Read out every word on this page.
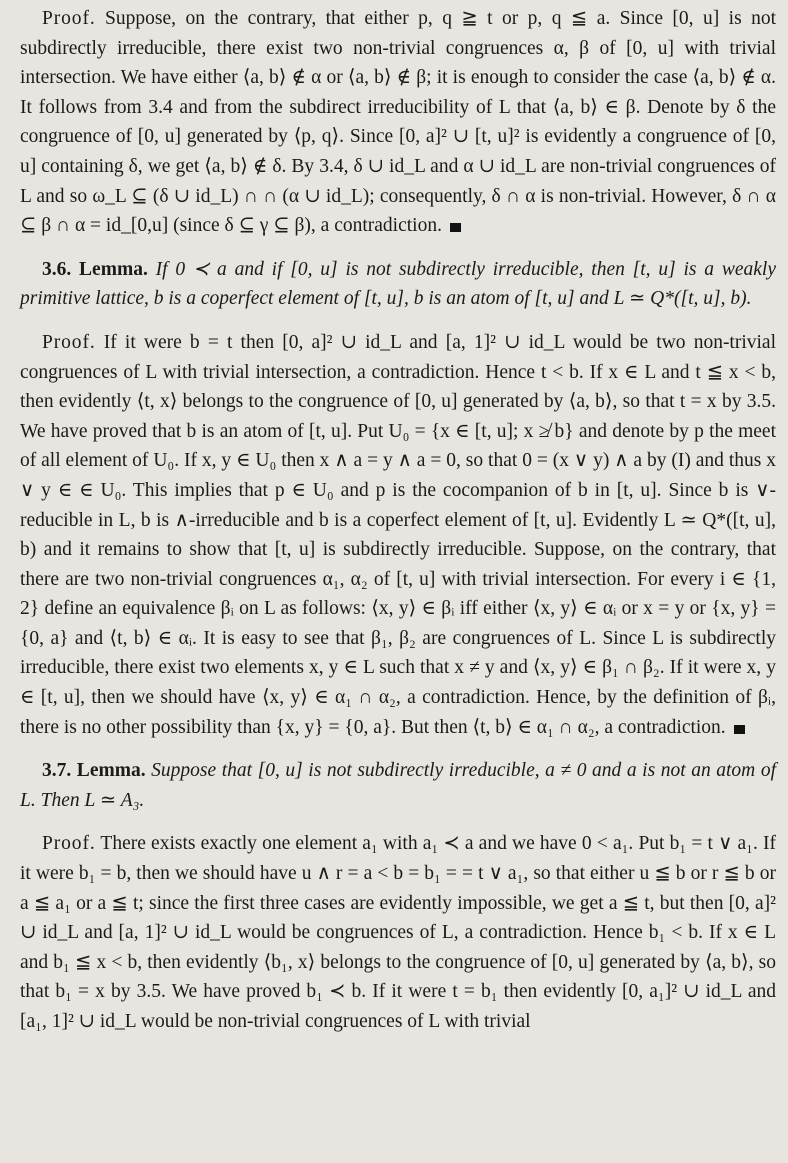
Proof. Suppose, on the contrary, that either p, q ≧ t or p, q ≦ a. Since [0, u] is not subdirectly irreducible, there exist two non-trivial congruences α, β of [0, u] with trivial intersection. We have either ⟨a, b⟩ ∉ α or ⟨a, b⟩ ∉ β; it is enough to consider the case ⟨a, b⟩ ∉ α. It follows from 3.4 and from the subdirect irreducibility of L that ⟨a, b⟩ ∈ β. Denote by δ the congruence of [0, u] generated by ⟨p, q⟩. Since [0, a]² ∪ [t, u]² is evidently a congruence of [0, u] containing δ, we get ⟨a, b⟩ ∉ δ. By 3.4, δ ∪ id_L and α ∪ id_L are non-trivial congruences of L and so ω_L ⊆ (δ ∪ id_L) ∩ ∩ (α ∪ id_L); consequently, δ ∩ α is non-trivial. However, δ ∩ α ⊆ β ∩ α = id_[0,u] (since δ ⊆ γ ⊆ β), a contradiction.

3.6. Lemma. If 0 ≺ a and if [0, u] is not subdirectly irreducible, then [t, u] is a weakly primitive lattice, b is a coperfect element of [t, u], b is an atom of [t, u] and L ≃ Q*([t, u], b).

Proof. If it were b = t then [0, a]² ∪ id_L and [a, 1]² ∪ id_L would be two non-trivial congruences of L with trivial intersection, a contradiction. Hence t < b. If x ∈ L and t ≦ x < b, then evidently ⟨t, x⟩ belongs to the congruence of [0, u] generated by ⟨a, b⟩, so that t = x by 3.5. We have proved that b is an atom of [t, u]. Put U₀ = {x ∈ [t, u]; x ≱ b} and denote by p the meet of all element of U₀. If x, y ∈ U₀ then x ∧ a = y ∧ a = 0, so that 0 = (x ∨ y) ∧ a by (I) and thus x ∨ y ∈ ∈ U₀. This implies that p ∈ U₀ and p is the cocompanion of b in [t, u]. Since b is ∨-reducible in L, b is ∧-irreducible and b is a coperfect element of [t, u]. Evidently L ≃ Q*([t, u], b) and it remains to show that [t, u] is subdirectly irreducible. Suppose, on the contrary, that there are two non-trivial congruences α₁, α₂ of [t, u] with trivial intersection. For every i ∈ {1, 2} define an equivalence βᵢ on L as follows: ⟨x, y⟩ ∈ βᵢ iff either ⟨x, y⟩ ∈ αᵢ or x = y or {x, y} = {0, a} and ⟨t, b⟩ ∈ αᵢ. It is easy to see that β₁, β₂ are congruences of L. Since L is subdirectly irreducible, there exist two elements x, y ∈ L such that x ≠ y and ⟨x, y⟩ ∈ β₁ ∩ β₂. If it were x, y ∈ [t, u], then we should have ⟨x, y⟩ ∈ α₁ ∩ α₂, a contradiction. Hence, by the definition of βᵢ, there is no other possibility than {x, y} = {0, a}. But then ⟨t, b⟩ ∈ α₁ ∩ α₂, a contradiction.

3.7. Lemma. Suppose that [0, u] is not subdirectly irreducible, a ≠ 0 and a is not an atom of L. Then L ≃ A₃.

Proof. There exists exactly one element a₁ with a₁ ≺ a and we have 0 < a₁. Put b₁ = t ∨ a₁. If it were b₁ = b, then we should have u ∧ r = a < b = b₁ = = t ∨ a₁, so that either u ≦ b or r ≦ b or a ≦ a₁ or a ≦ t; since the first three cases are evidently impossible, we get a ≦ t, but then [0, a]² ∪ id_L and [a, 1]² ∪ id_L would be congruences of L, a contradiction. Hence b₁ < b. If x ∈ L and b₁ ≦ x < b, then evidently ⟨b₁, x⟩ belongs to the congruence of [0, u] generated by ⟨a, b⟩, so that b₁ = x by 3.5. We have proved b₁ ≺ b. If it were t = b₁ then evidently [0, a₁]² ∪ id_L and [a₁, 1]² ∪ id_L would be non-trivial congruences of L with trivial
